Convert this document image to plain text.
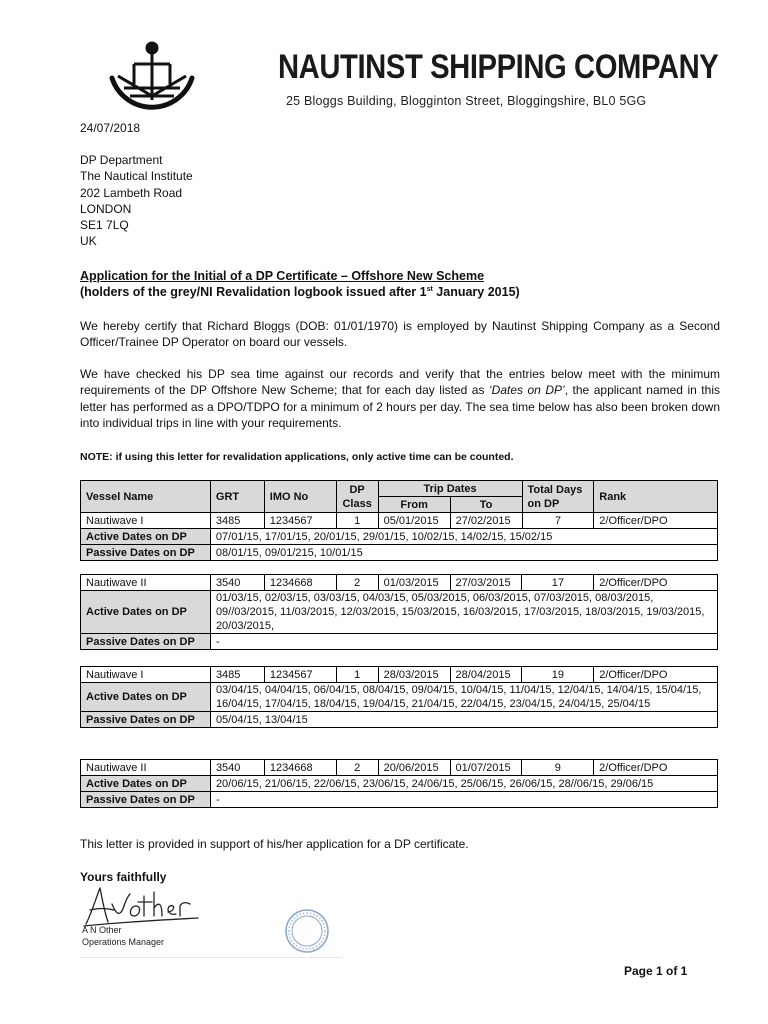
NAUTINST SHIPPING COMPANY
25 Bloggs Building, Blogginton Street, Bloggingshire, BL0 5GG
24/07/2018
DP Department
The Nautical Institute
202 Lambeth Road
LONDON
SE1 7LQ
UK
Application for the Initial of a DP Certificate – Offshore New Scheme
(holders of the grey/NI Revalidation logbook issued after 1st January 2015)
We hereby certify that Richard Bloggs (DOB: 01/01/1970) is employed by Nautinst Shipping Company as a Second Officer/Trainee DP Operator on board our vessels.
We have checked his DP sea time against our records and verify that the entries below meet with the minimum requirements of the DP Offshore New Scheme; that for each day listed as ‘Dates on DP’, the applicant named in this letter has performed as a DPO/TDPO for a minimum of 2 hours per day. The sea time below has also been broken down into individual trips in line with your requirements.
NOTE: if using this letter for revalidation applications, only active time can be counted.
Vessel Name	GRT	IMO No	DP Class	Trip Dates		Total Days on DP	Rank
				From	To		
Nautiwave I	3485	1234567	1	05/01/2015	27/02/2015	7	2/Officer/DPO
Active Dates on DP	07/01/15, 17/01/15, 20/01/15, 29/01/15, 10/02/15, 14/02/15, 15/02/15						
Passive Dates on DP	08/01/15, 09/01/215, 10/01/15						
Nautiwave II	3540	1234668	2	01/03/2015	27/03/2015	17	2/Officer/DPO
Active Dates on DP	01/03/15, 02/03/15, 03/03/15, 04/03/15, 05/03/2015, 06/03/2015, 07/03/2015, 08/03/2015, 09//03/2015, 11/03/2015, 12/03/2015, 15/03/2015, 16/03/2015, 17/03/2015, 18/03/2015, 19/03/2015, 20/03/2015,						
Passive Dates on DP	-						
Nautiwave I	3485	1234567	1	28/03/2015	28/04/2015	19	2/Officer/DPO
Active Dates on DP	03/04/15, 04/04/15, 06/04/15, 08/04/15, 09/04/15, 10/04/15, 11/04/15, 12/04/15, 14/04/15, 15/04/15, 16/04/15, 17/04/15, 18/04/15, 19/04/15, 21/04/15, 22/04/15, 23/04/15, 24/04/15, 25/04/15						
Passive Dates on DP	05/04/15, 13/04/15						
Nautiwave II	3540	1234668	2	20/06/2015	01/07/2015	9	2/Officer/DPO
Active Dates on DP	20/06/15, 21/06/15, 22/06/15, 23/06/15, 24/06/15, 25/06/15, 26/06/15, 28//06/15, 29/06/15						
Passive Dates on DP	-						
This letter is provided in support of his/her application for a DP certificate.
Yours faithfully
A N Other
Operations Manager
Page 1 of 1
